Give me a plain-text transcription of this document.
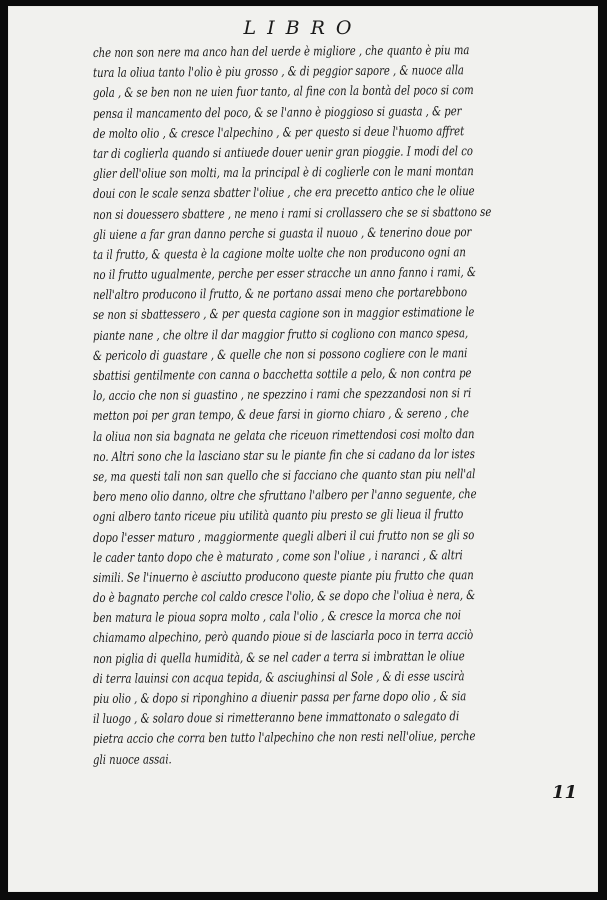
LIBRO
che non son nere ma anco han del uerde è migliore , che quanto è piu ma
tura la oliua tanto l'olio è piu grosso , & di peggior sapore , & nuoce alla
gola , & se ben non ne uien fuor tanto, al fine con la bontà del poco si com
pensa il mancamento del poco, & se l'anno è pioggioso si guasta , & per
de molto olio , & cresce l'alpechino , & per questo si deue l'huomo affret
tar di coglierla quando si antiuede douer uenir gran pioggie. I modi del co
glier dell'oliue son molti, ma la principal è di coglierle con le mani montan
doui con le scale senza sbatter l'oliue , che era precetto antico che le oliue
non si douessero sbattere , ne meno i rami si crollassero che se si sbattono se
gli uiene a far gran danno perche si guasta il nuouo , & tenerino doue por
ta il frutto, & questa è la cagione molte uolte che non producono ogni an
no il frutto ugualmente, perche per esser stracche un anno fanno i rami, &
nell'altro producono il frutto, & ne portano assai meno che portarebbono
se non si sbattessero , & per questa cagione son in maggior estimatione le
piante nane , che oltre il dar maggior frutto si cogliono con manco spesa,
& pericolo di guastare , & quelle che non si possono cogliere con le mani
sbattisi gentilmente con canna o bacchetta sottile a pelo, & non contra pe
lo, accio che non si guastino , ne spezzino i rami che spezzandosi non si ri
metton poi per gran tempo, & deue farsi in giorno chiaro , & sereno , che
la oliua non sia bagnata ne gelata che riceuon rimettendosi cosi molto dan
no. Altri sono che la lasciano star su le piante fin che si cadano da lor istes
se, ma questi tali non san quello che si facciano che quanto stan piu nell'al
bero meno olio danno, oltre che sfruttano l'albero per l'anno seguente, che
ogni albero tanto riceue piu utilità quanto piu presto se gli lieua il frutto
dopo l'esser maturo , maggiormente quegli alberi il cui frutto non se gli so
le cader tanto dopo che è maturato , come son l'oliue , i naranci , & altri
simili. Se l'inuerno è asciutto producono queste piante piu frutto che quan
do è bagnato perche col caldo cresce l'olio, & se dopo che l'oliua è nera, &
ben matura le pioua sopra molto , cala l'olio , & cresce la morca che noi
chiamamo alpechino, però quando pioue si de lasciarla poco in terra acciò
non piglia di quella humidità, & se nel cader a terra si imbrattan le oliue
di terra lauinsi con acqua tepida, & asciughinsi al Sole , & di esse uscirà
piu olio , & dopo si riponghino a diuenir passa per farne dopo olio , & sia
il luogo , & solaro doue si rimetteranno bene immattonato o salegato di
pietra accio che corra ben tutto l'alpechino che non resti nell'oliue, perche
gli nuoce assai.
11
